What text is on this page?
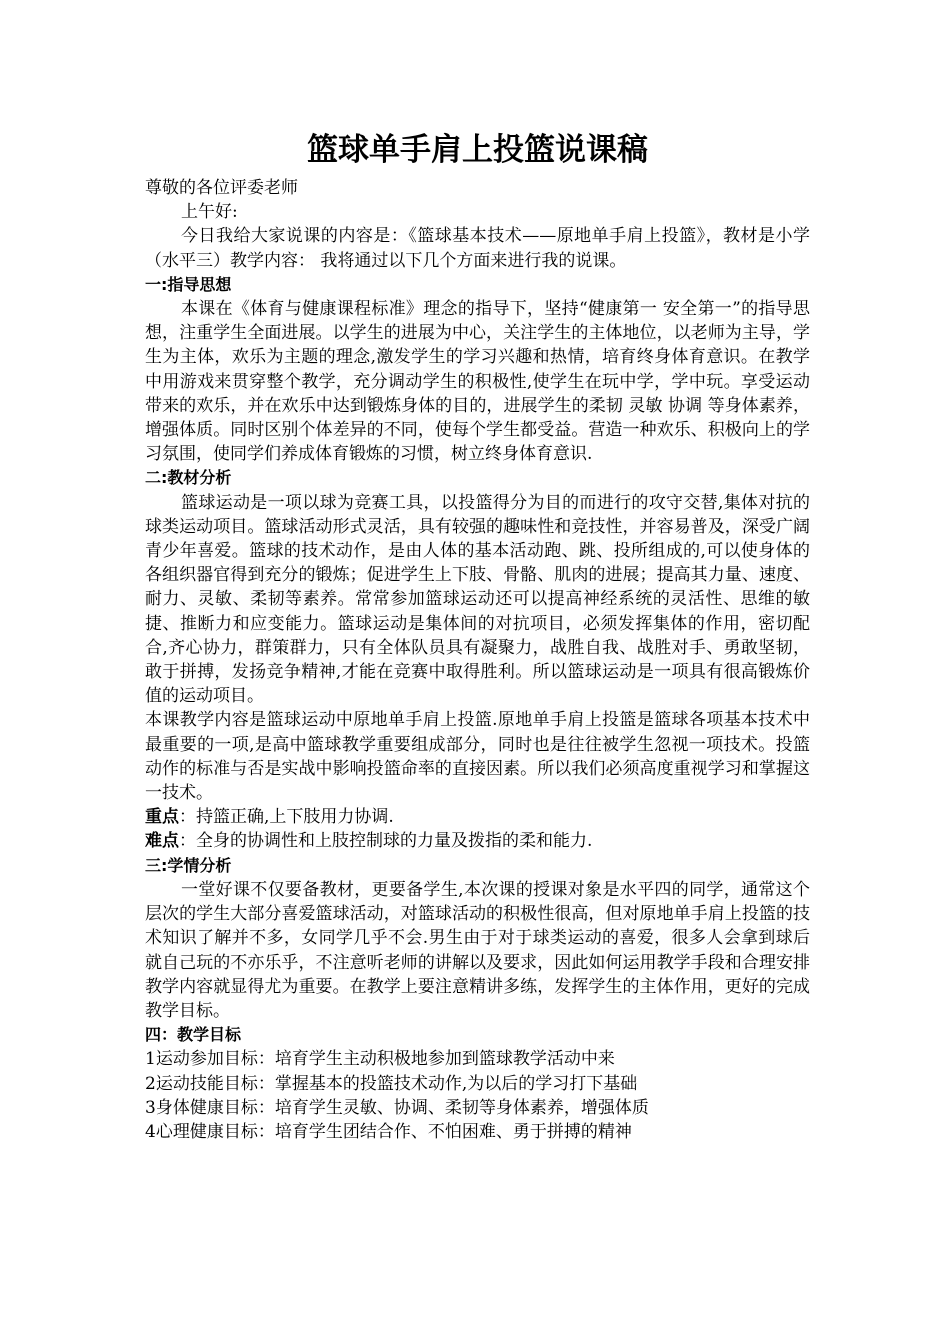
篮球单手肩上投篮说课稿

尊敬的各位评委老师

上午好:

今日我给大家说课的内容是：《篮球基本技术——原地单手肩上投篮》，教材是小学（水平三）教学内容： 我将通过以下几个方面来进行我的说课。

一:指导思想

本课在《体育与健康课程标准》理念的指导下，坚持“健康第一 安全第一”的指导思想，注重学生全面进展。以学生的进展为中心，关注学生的主体地位，以老师为主导，学生为主体，欢乐为主题的理念,激发学生的学习兴趣和热情，培育终身体育意识。在教学中用游戏来贯穿整个教学，充分调动学生的积极性,使学生在玩中学，学中玩。享受运动带来的欢乐，并在欢乐中达到锻炼身体的目的，进展学生的柔韧 灵敏 协调 等身体素养，增强体质。同时区别个体差异的不同，使每个学生都受益。营造一种欢乐、积极向上的学习氛围，使同学们养成体育锻炼的习惯，树立终身体育意识.

二:教材分析

篮球运动是一项以球为竞赛工具，以投篮得分为目的而进行的攻守交替,集体对抗的球类运动项目。篮球活动形式灵活，具有较强的趣味性和竞技性，并容易普及，深受广阔青少年喜爱。篮球的技术动作，是由人体的基本活动跑、跳、投所组成的,可以使身体的各组织器官得到充分的锻炼；促进学生上下肢、骨骼、肌肉的进展；提高其力量、速度、耐力、灵敏、柔韧等素养。常常参加篮球运动还可以提高神经系统的灵活性、思维的敏捷、推断力和应变能力。篮球运动是集体间的对抗项目，必须发挥集体的作用，密切配合,齐心协力，群策群力，只有全体队员具有凝聚力，战胜自我、战胜对手、勇敢坚韧，敢于拼搏，发扬竞争精神,才能在竞赛中取得胜利。所以篮球运动是一项具有很高锻炼价值的运动项目。

本课教学内容是篮球运动中原地单手肩上投篮.原地单手肩上投篮是篮球各项基本技术中最重要的一项,是高中篮球教学重要组成部分，同时也是往往被学生忽视一项技术。投篮动作的标准与否是实战中影响投篮命率的直接因素。所以我们必须高度重视学习和掌握这一技术。

重点：持篮正确,上下肢用力协调.

难点：全身的协调性和上肢控制球的力量及拨指的柔和能力.

三:学情分析

一堂好课不仅要备教材，更要备学生,本次课的授课对象是水平四的同学，通常这个层次的学生大部分喜爱篮球活动，对篮球活动的积极性很高，但对原地单手肩上投篮的技术知识了解并不多，女同学几乎不会.男生由于对于球类运动的喜爱，很多人会拿到球后就自己玩的不亦乐乎，不注意听老师的讲解以及要求，因此如何运用教学手段和合理安排教学内容就显得尤为重要。在教学上要注意精讲多练，发挥学生的主体作用，更好的完成教学目标。

四：教学目标

1运动参加目标：培育学生主动积极地参加到篮球教学活动中来

2运动技能目标：掌握基本的投篮技术动作,为以后的学习打下基础

3身体健康目标：培育学生灵敏、协调、柔韧等身体素养，增强体质

4心理健康目标：培育学生团结合作、不怕困难、勇于拼搏的精神
